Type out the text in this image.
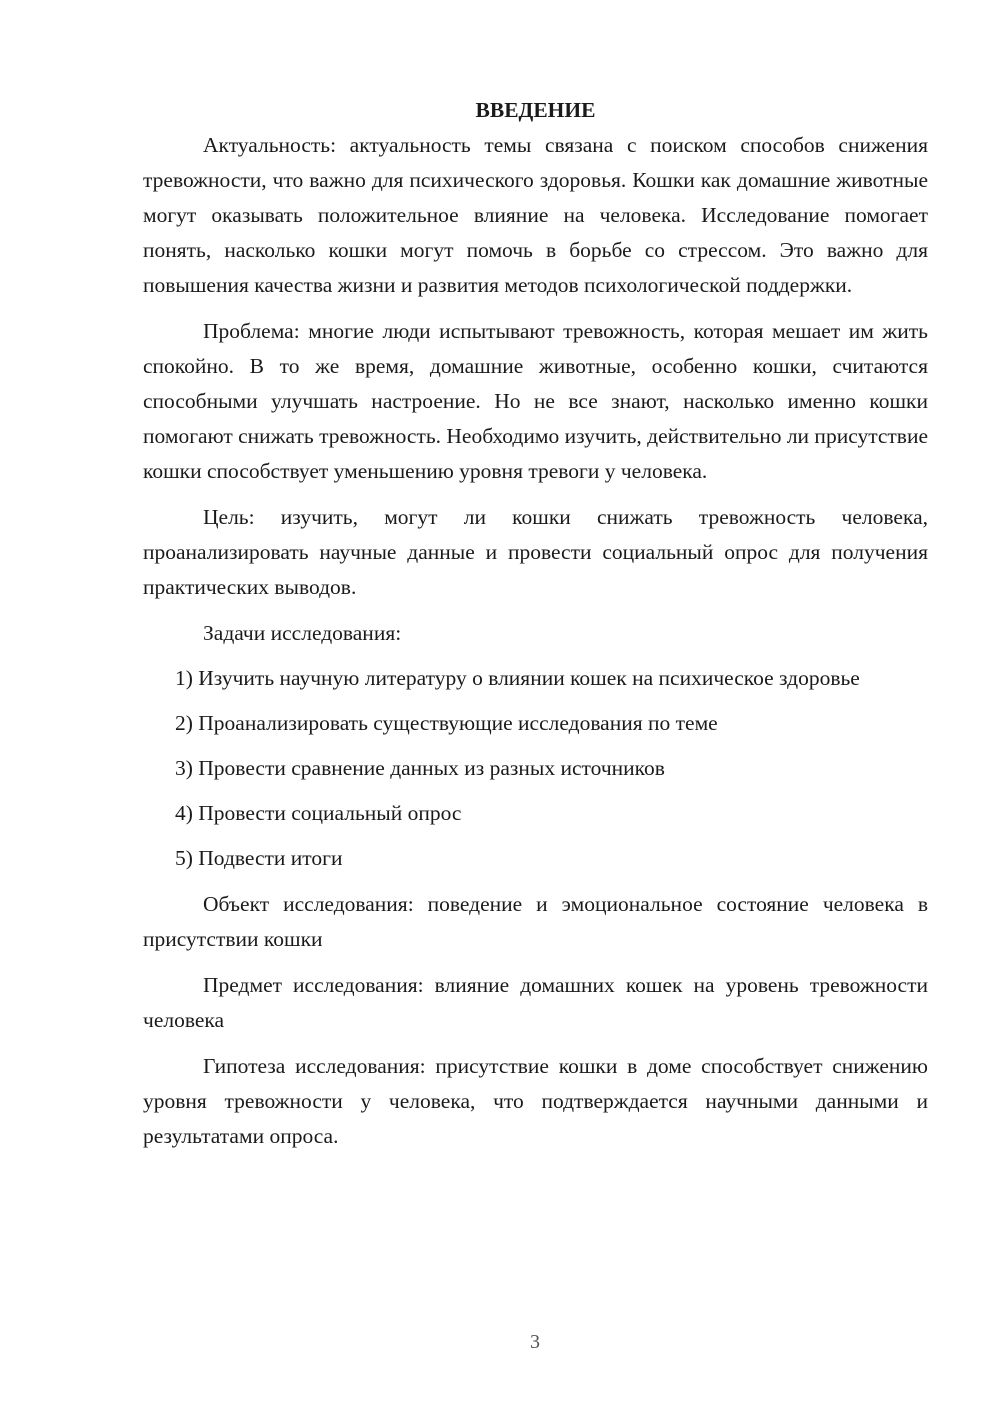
ВВЕДЕНИЕ

Актуальность: актуальность темы связана с поиском способов снижения тревожности, что важно для психического здоровья. Кошки как домашние животные могут оказывать положительное влияние на человека. Исследование помогает понять, насколько кошки могут помочь в борьбе со стрессом. Это важно для повышения качества жизни и развития методов психологической поддержки.

Проблема: многие люди испытывают тревожность, которая мешает им жить спокойно. В то же время, домашние животные, особенно кошки, считаются способными улучшать настроение. Но не все знают, насколько именно кошки помогают снижать тревожность. Необходимо изучить, действительно ли присутствие кошки способствует уменьшению уровня тревоги у человека.

Цель: изучить, могут ли кошки снижать тревожность человека, проанализировать научные данные и провести социальный опрос для получения практических выводов.

Задачи исследования:

1) Изучить научную литературу о влиянии кошек на психическое здоровье

2) Проанализировать существующие исследования по теме

3) Провести сравнение данных из разных источников

4) Провести социальный опрос

5) Подвести итоги

Объект исследования: поведение и эмоциональное состояние человека в присутствии кошки

Предмет исследования: влияние домашних кошек на уровень тревожности человека

Гипотеза исследования: присутствие кошки в доме способствует снижению уровня тревожности у человека, что подтверждается научными данными и результатами опроса.

3
